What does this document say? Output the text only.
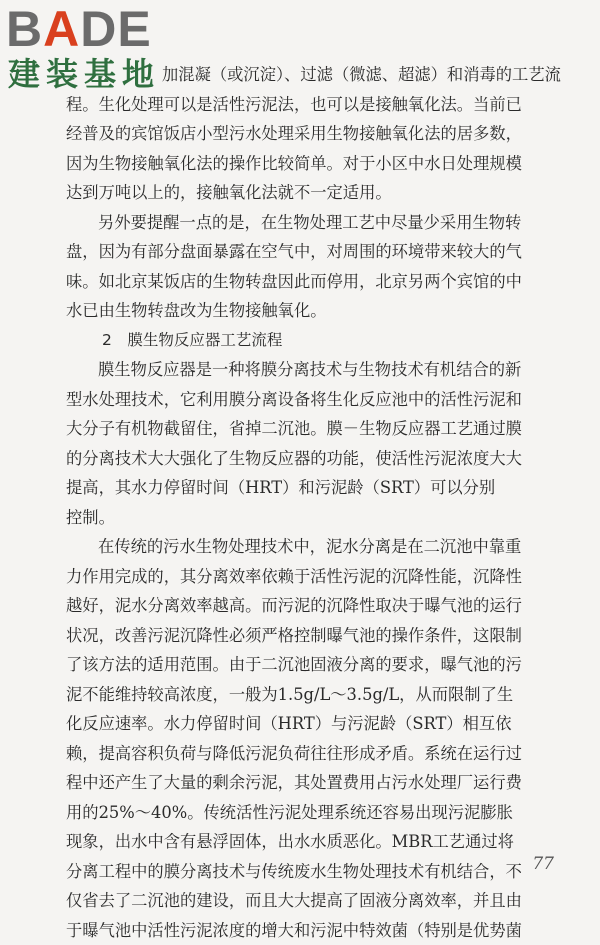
BADE
建装基地 加混凝（或沉淀）、过滤（微滤、超滤）和消毒的工艺流
程。生化处理可以是活性污泥法，也可以是接触氧化法。当前已
经普及的宾馆饭店小型污水处理采用生物接触氧化法的居多数，
因为生物接触氧化法的操作比较简单。对于小区中水日处理规模
达到万吨以上的，接触氧化法就不一定适用。
另外要提醒一点的是，在生物处理工艺中尽量少采用生物转
盘，因为有部分盘面暴露在空气中，对周围的环境带来较大的气
味。如北京某饭店的生物转盘因此而停用，北京另两个宾馆的中
水已由生物转盘改为生物接触氧化。
2　膜生物反应器工艺流程
膜生物反应器是一种将膜分离技术与生物技术有机结合的新
型水处理技术，它利用膜分离设备将生化反应池中的活性污泥和
大分子有机物截留住，省掉二沉池。膜－生物反应器工艺通过膜
的分离技术大大强化了生物反应器的功能，使活性污泥浓度大大
提高，其水力停留时间（HRT）和污泥龄（SRT）可以分别
控制。
在传统的污水生物处理技术中，泥水分离是在二沉池中靠重
力作用完成的，其分离效率依赖于活性污泥的沉降性能，沉降性
越好，泥水分离效率越高。而污泥的沉降性取决于曝气池的运行
状况，改善污泥沉降性必须严格控制曝气池的操作条件，这限制
了该方法的适用范围。由于二沉池固液分离的要求，曝气池的污
泥不能维持较高浓度，一般为1.5g/L～3.5g/L，从而限制了生
化反应速率。水力停留时间（HRT）与污泥龄（SRT）相互依
赖，提高容积负荷与降低污泥负荷往往形成矛盾。系统在运行过
程中还产生了大量的剩余污泥，其处置费用占污水处理厂运行费
用的25%～40%。传统活性污泥处理系统还容易出现污泥膨胀
现象，出水中含有悬浮固体，出水水质恶化。MBR工艺通过将
分离工程中的膜分离技术与传统废水生物处理技术有机结合，不
仅省去了二沉池的建设，而且大大提高了固液分离效率，并且由
于曝气池中活性污泥浓度的增大和污泥中特效菌（特别是优势菌
77
